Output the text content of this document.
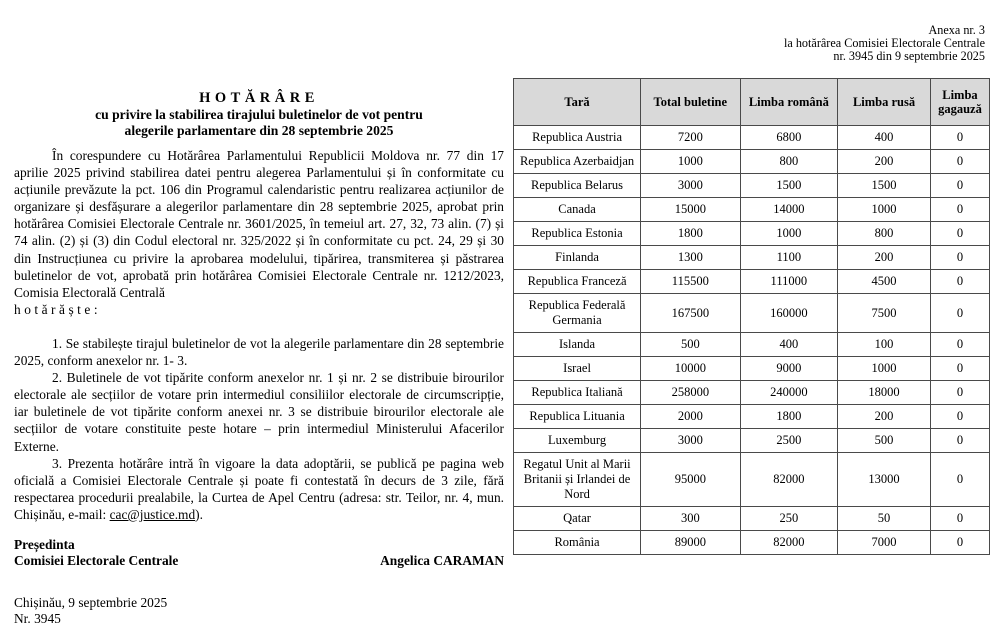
Anexa nr. 3
la hotărârea Comisiei Electorale Centrale
nr. 3945 din 9 septembrie 2025
HOTĂRÂRE
cu privire la stabilirea tirajului buletinelor de vot pentru
alegerile parlamentare din 28 septembrie 2025
În corespundere cu Hotărârea Parlamentului Republicii Moldova nr. 77 din 17 aprilie 2025 privind stabilirea datei pentru alegerea Parlamentului și în conformitate cu acțiunile prevăzute la pct. 106 din Programul calendaristic pentru realizarea acțiunilor de organizare și desfășurare a alegerilor parlamentare din 28 septembrie 2025, aprobat prin hotărârea Comisiei Electorale Centrale nr. 3601/2025, în temeiul art. 27, 32, 73 alin. (7) și 74 alin. (2) și (3) din Codul electoral nr. 325/2022 și în conformitate cu pct. 24, 29 și 30 din Instrucțiunea cu privire la aprobarea modelului, tipărirea, transmiterea și păstrarea buletinelor de vot, aprobată prin hotărârea Comisiei Electorale Centrale nr. 1212/2023, Comisia Electorală Centrală
hotărăște:
1. Se stabilește tirajul buletinelor de vot la alegerile parlamentare din 28 septembrie 2025, conform anexelor nr. 1- 3.
2. Buletinele de vot tipărite conform anexelor nr. 1 și nr. 2 se distribuie birourilor electorale ale secțiilor de votare prin intermediul consiliilor electorale de circumscripție, iar buletinele de vot tipărite conform anexei nr. 3 se distribuie birourilor electorale ale secțiilor de votare constituite peste hotare – prin intermediul Ministerului Afacerilor Externe.
3. Prezenta hotărâre intră în vigoare la data adoptării, se publică pe pagina web oficială a Comisiei Electorale Centrale și poate fi contestată în decurs de 3 zile, fără respectarea procedurii prealabile, la Curtea de Apel Centru (adresa: str. Teilor, nr. 4, mun. Chișinău, e-mail: cac@justice.md).
Președinta
Comisiei Electorale Centrale	Angelica CARAMAN
Chișinău, 9 septembrie 2025
Nr. 3945
Tară	Total buletine	Limba română	Limba rusă	Limba gagauză
Republica Austria	7200	6800	400	0
Republica Azerbaidjan	1000	800	200	0
Republica Belarus	3000	1500	1500	0
Canada	15000	14000	1000	0
Republica Estonia	1800	1000	800	0
Finlanda	1300	1100	200	0
Republica Franceză	115500	111000	4500	0
Republica Federală Germania	167500	160000	7500	0
Islanda	500	400	100	0
Israel	10000	9000	1000	0
Republica Italiană	258000	240000	18000	0
Republica Lituania	2000	1800	200	0
Luxemburg	3000	2500	500	0
Regatul Unit al Marii Britanii și Irlandei de Nord	95000	82000	13000	0
Qatar	300	250	50	0
România	89000	82000	7000	0
